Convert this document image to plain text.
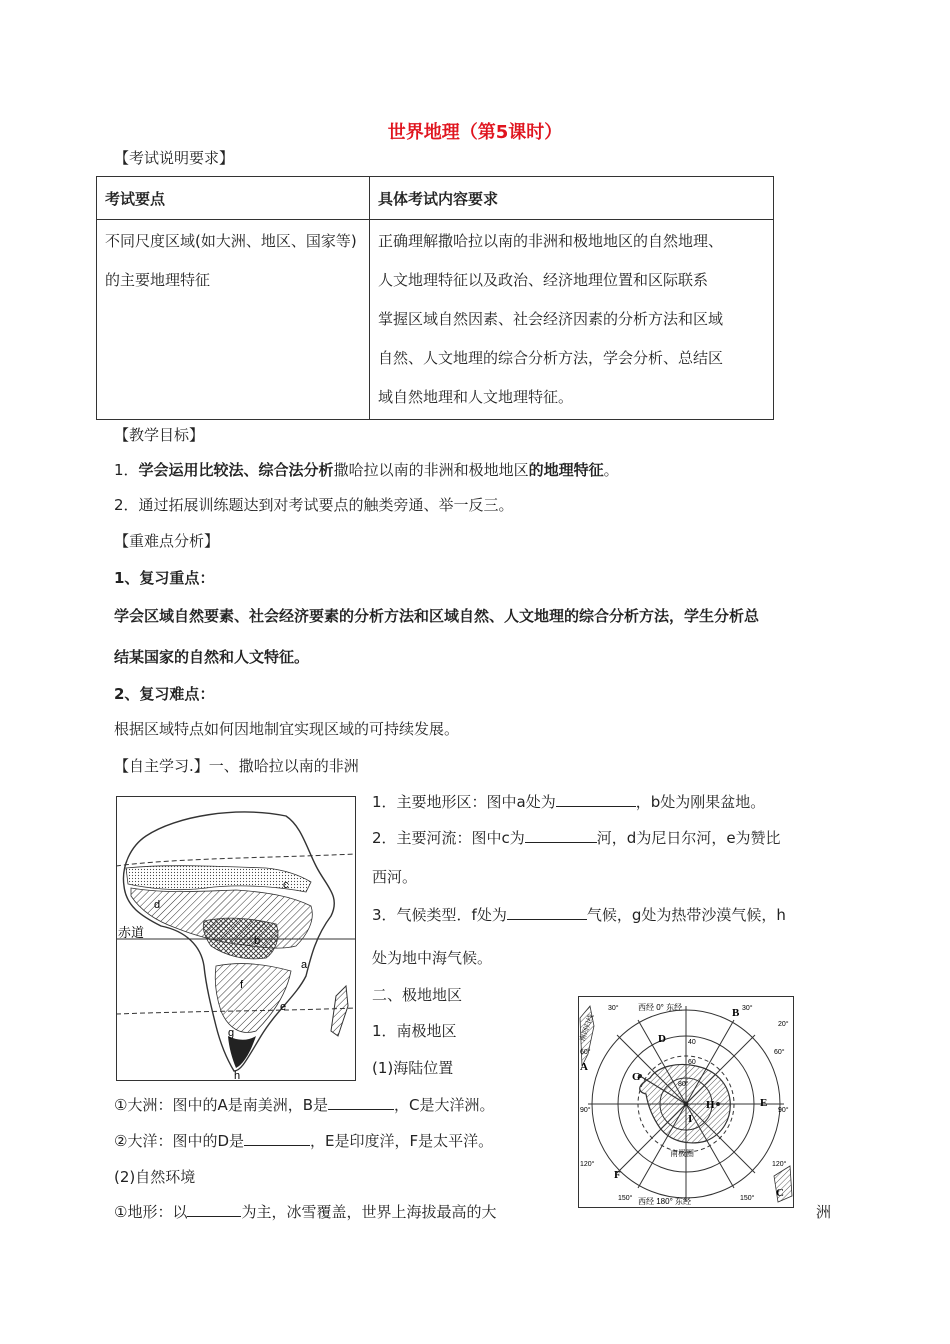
世界地理（第5课时）
【考试说明要求】
考试要点	具体考试内容要求
不同尺度区域(如大洲、地区、国家等)的主要地理特征	正确理解撒哈拉以南的非洲和极地地区的自然地理、
人文地理特征以及政治、经济地理位置和区际联系
掌握区域自然因素、社会经济因素的分析方法和区域
自然、人文地理的综合分析方法，学会分析、总结区
域自然地理和人文地理特征。
【教学目标】
1．学会运用比较法、综合法分析撒哈拉以南的非洲和极地地区的地理特征。
2．通过拓展训练题达到对考试要点的触类旁通、举一反三。
【重难点分析】
1、复习重点：
学会区域自然要素、社会经济要素的分析方法和区域自然、人文地理的综合分析方法，学生分析总
结某国家的自然和人文特征。
2、复习难点：
根据区域特点如何因地制宜实现区域的可持续发展。
【自主学习.】一、撒哈拉以南的非洲
赤道
a
b
c
d
e
f
g
h
1．主要地形区：图中a处为	，b处为刚果盆地。
2．主要河流：图中c为	河，d为尼日尔河，e为赞比
西河。
3．气候类型．f处为	气候，g处为热带沙漠气候，h
处为地中海气候。
二、极地地区
1．南极地区
(1)海陆位置
西经 0° 东经
西经 180° 东经
南极圈
南回归线
A
B
C
D
E
F
G
H
I
30°	30°
60°	60°
90°	90°
120°	120°
150°	150°
40
60
80°
20°
①大洲：图中的A是南美洲，B是	，C是大洋洲。
②大洋：图中的D是	，E是印度洋，F是太平洋。
(2)自然环境
①地形：以	为主，冰雪覆盖，世界上海拔最高的大	洲
